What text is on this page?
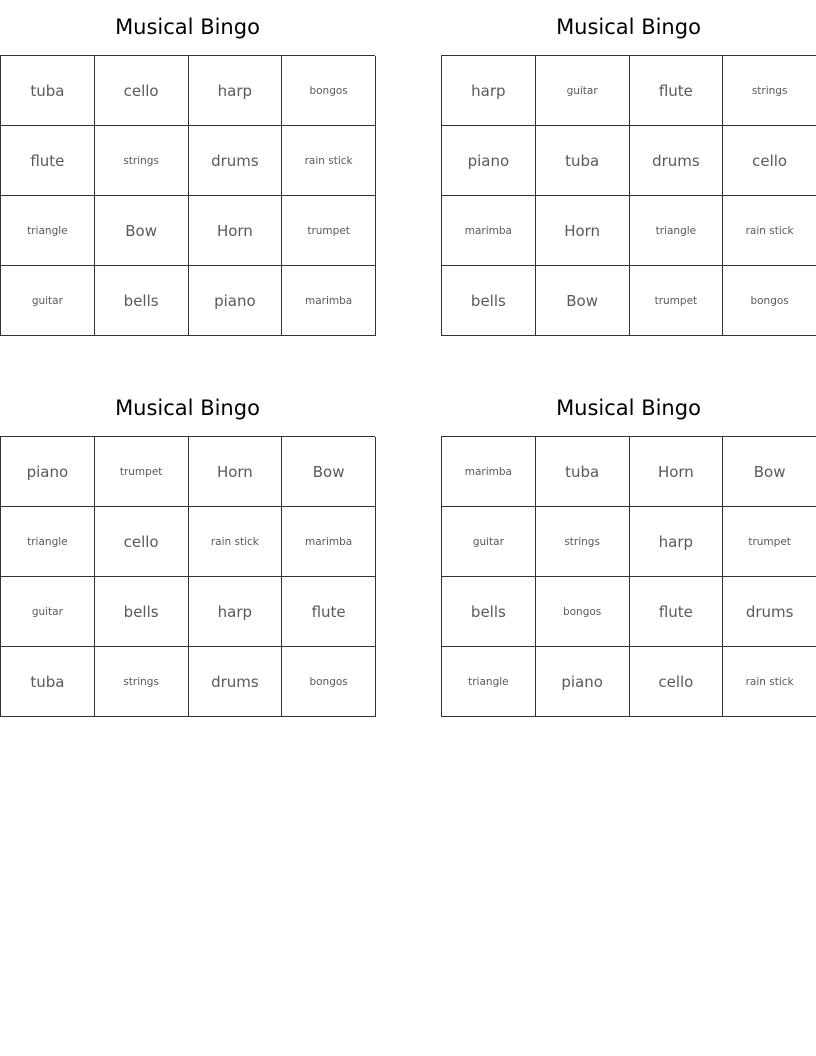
Musical Bingo
tuba	cello	harp	bongos
flute	strings	drums	rain stick
triangle	Bow	Horn	trumpet
guitar	bells	piano	marimba
Musical Bingo
harp	guitar	flute	strings
piano	tuba	drums	cello
marimba	Horn	triangle	rain stick
bells	Bow	trumpet	bongos
Musical Bingo
piano	trumpet	Horn	Bow
triangle	cello	rain stick	marimba
guitar	bells	harp	flute
tuba	strings	drums	bongos
Musical Bingo
marimba	tuba	Horn	Bow
guitar	strings	harp	trumpet
bells	bongos	flute	drums
triangle	piano	cello	rain stick
